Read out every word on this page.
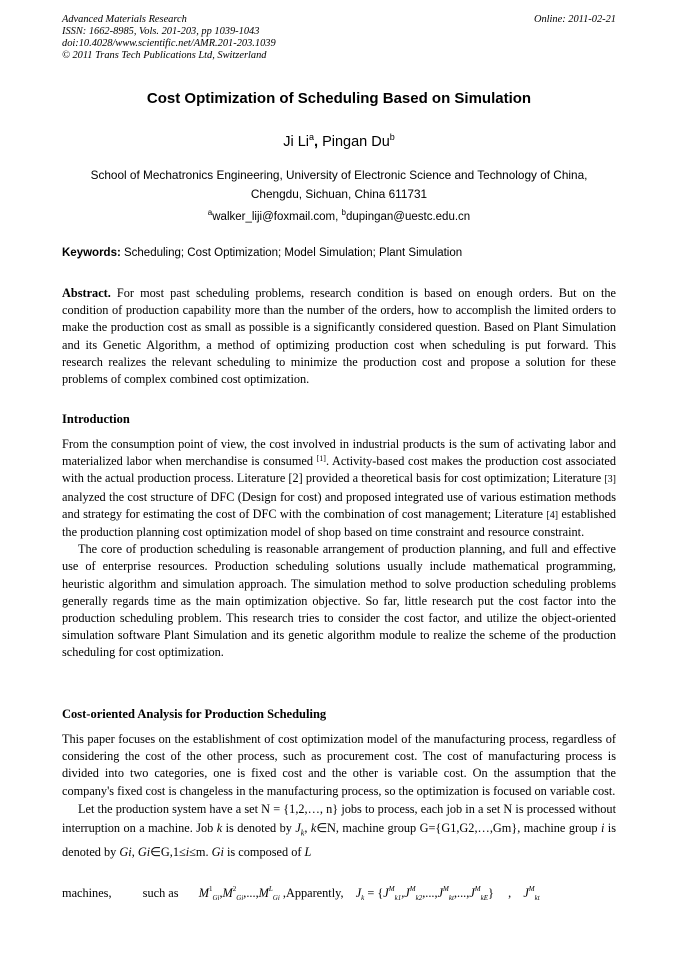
Advanced Materials Research
ISSN: 1662-8985, Vols. 201-203, pp 1039-1043
doi:10.4028/www.scientific.net/AMR.201-203.1039
© 2011 Trans Tech Publications Ltd, Switzerland
Online: 2011-02-21
Cost Optimization of Scheduling Based on Simulation
Ji Li$^a$, Pingan Du$^b$
School of Mechatronics Engineering, University of Electronic Science and Technology of China,
Chengdu, Sichuan, China 611731
$^a$walker_liji@foxmail.com, $^b$dupingan@uestc.edu.cn
Keywords: Scheduling; Cost Optimization; Model Simulation; Plant Simulation

Abstract. For most past scheduling problems, research condition is based on enough orders. But on the condition of production capability more than the number of the orders, how to accomplish the limited orders to make the production cost as small as possible is a significantly considered question. Based on Plant Simulation and its Genetic Algorithm, a method of optimizing production cost when scheduling is put forward. This research realizes the relevant scheduling to minimize the production cost and propose a solution for these problems of complex combined cost optimization.

Introduction

From the consumption point of view, the cost involved in industrial products is the sum of activating labor and materialized labor when merchandise is consumed [1]. Activity-based cost makes the production cost associated with the actual production process. Literature [2] provided a theoretical basis for cost optimization; Literature [3] analyzed the cost structure of DFC (Design for cost) and proposed integrated use of various estimation methods and strategy for estimating the cost of DFC with the combination of cost management; Literature [4] established the production planning cost optimization model of shop based on time constraint and resource constraint.

The core of production scheduling is reasonable arrangement of production planning, and full and effective use of enterprise resources. Production scheduling solutions usually include mathematical programming, heuristic algorithm and simulation approach. The simulation method to solve production scheduling problems generally regards time as the main optimization objective. So far, little research put the cost factor into the production scheduling problem. This research tries to consider the cost factor, and utilize the object-oriented simulation software Plant Simulation and its genetic algorithm module to realize the scheme of the production scheduling for cost optimization.

Cost-oriented Analysis for Production Scheduling

This paper focuses on the establishment of cost optimization model of the manufacturing process, regardless of considering the cost of the other process, such as procurement cost. The cost of manufacturing process is divided into two categories, one is fixed cost and the other is variable cost. On the assumption that the company's fixed cost is changeless in the manufacturing process, so the optimization is focused on variable cost.

Let the production system have a set N = {1,2,…, n} jobs to process, each job in a set N is processed without interruption on a machine. Job k is denoted by $J_k$, k∈N, machine group G={G1,G2,…,Gm}, machine group i is denoted by Gi, Gi∈G,1≤i≤m. Gi is composed of L

machines,	such as $M^1_{Gi},M^2_{Gi},...,M^L_{Gi}$ ,Apparently, $J_k = \{J^M_{k1},J^M_{k2},...,J^M_{kt},...,J^M_{kE}\}$ , $J^M_{kt}$
